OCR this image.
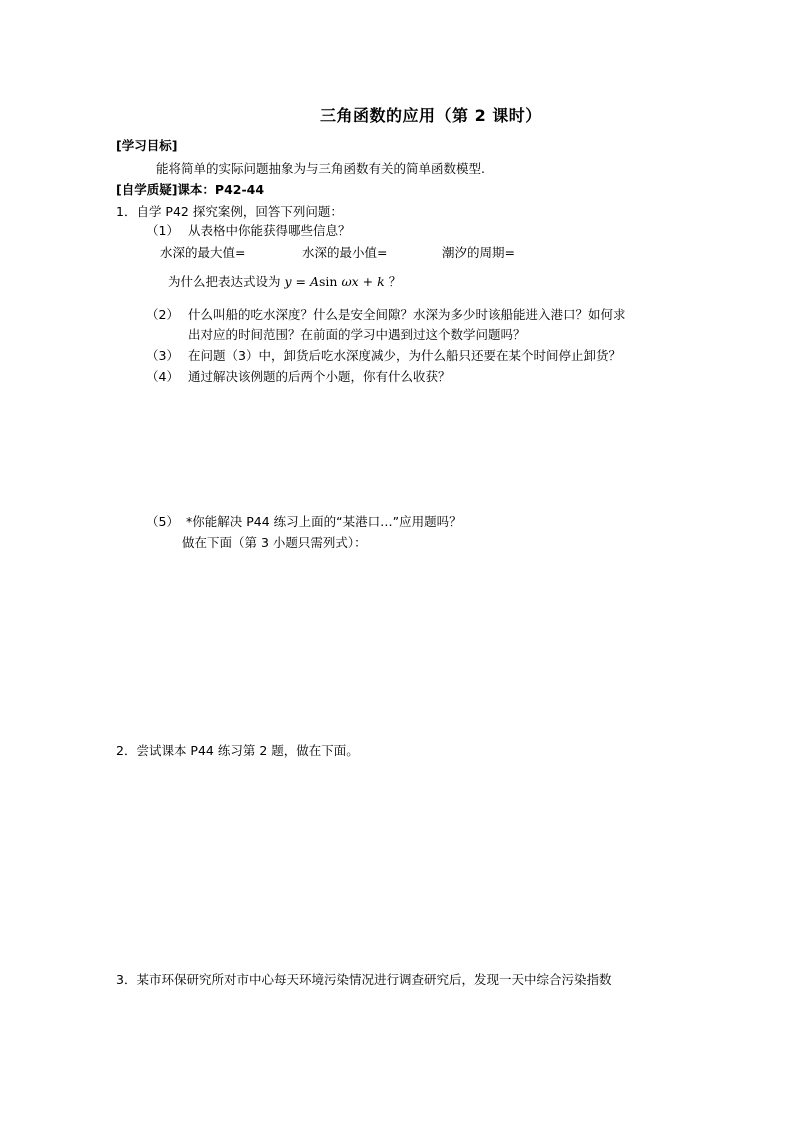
三角函数的应用（第 2 课时）
[学习目标]
能将简单的实际问题抽象为与三角函数有关的简单函数模型.
[自学质疑]课本：P42-44
1．自学 P42 探究案例，回答下列问题：
（1） 从表格中你能获得哪些信息？
水深的最大值=	水深的最小值=	潮汐的周期=
为什么把表达式设为 y = Asin ωx + k ？
（2） 什么叫船的吃水深度？什么是安全间隙？水深为多少时该船能进入港口？如何求
出对应的时间范围？在前面的学习中遇到过这个数学问题吗？
（3） 在问题（3）中，卸货后吃水深度减少，为什么船只还要在某个时间停止卸货？
（4） 通过解决该例题的后两个小题，你有什么收获？
（5） *你能解决 P44 练习上面的“某港口…”应用题吗？
做在下面（第 3 小题只需列式）：
2．尝试课本 P44 练习第 2 题，做在下面。
3．某市环保研究所对市中心每天环境污染情况进行调查研究后，发现一天中综合污染指数
